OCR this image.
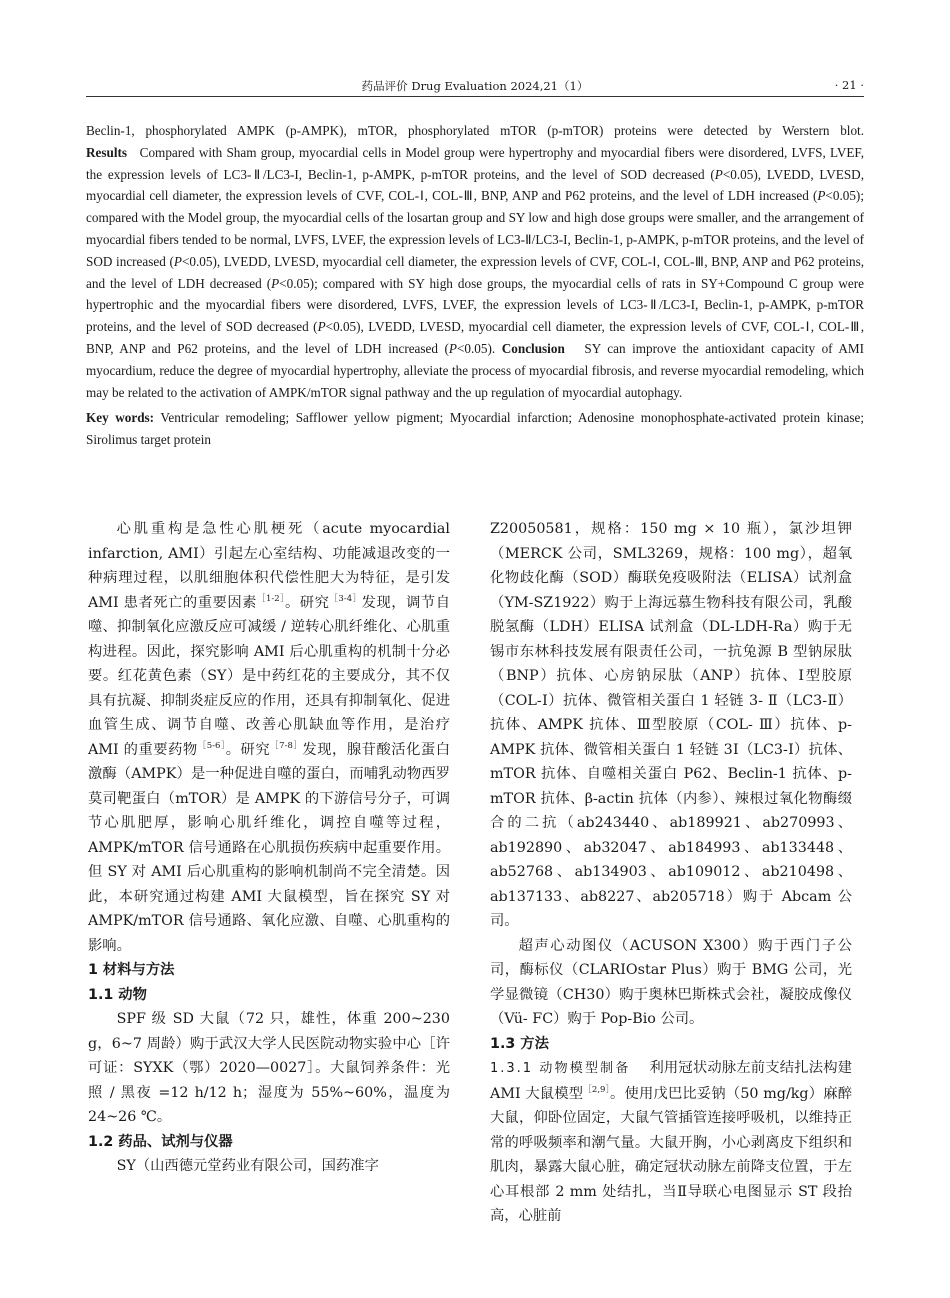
药品评价 Drug Evaluation 2024,21（1）	· 21 ·

Beclin-1, phosphorylated AMPK (p-AMPK), mTOR, phosphorylated mTOR (p-mTOR) proteins were detected by Werstern blot. Results Compared with Sham group, myocardial cells in Model group were hypertrophy and myocardial fibers were disordered, LVFS, LVEF, the expression levels of LC3-Ⅱ/LC3-I, Beclin-1, p-AMPK, p-mTOR proteins, and the level of SOD decreased (P<0.05), LVEDD, LVESD, myocardial cell diameter, the expression levels of CVF, COL-Ⅰ, COL-Ⅲ, BNP, ANP and P62 proteins, and the level of LDH increased (P<0.05); compared with the Model group, the myocardial cells of the losartan group and SY low and high dose groups were smaller, and the arrangement of myocardial fibers tended to be normal, LVFS, LVEF, the expression levels of LC3-Ⅱ/LC3-I, Beclin-1, p-AMPK, p-mTOR proteins, and the level of SOD increased (P<0.05), LVEDD, LVESD, myocardial cell diameter, the expression levels of CVF, COL-Ⅰ, COL-Ⅲ, BNP, ANP and P62 proteins, and the level of LDH decreased (P<0.05); compared with SY high dose groups, the myocardial cells of rats in SY+Compound C group were hypertrophic and the myocardial fibers were disordered, LVFS, LVEF, the expression levels of LC3-Ⅱ/LC3-I, Beclin-1, p-AMPK, p-mTOR proteins, and the level of SOD decreased (P<0.05), LVEDD, LVESD, myocardial cell diameter, the expression levels of CVF, COL-Ⅰ, COL-Ⅲ, BNP, ANP and P62 proteins, and the level of LDH increased (P<0.05). Conclusion SY can improve the antioxidant capacity of AMI myocardium, reduce the degree of myocardial hypertrophy, alleviate the process of myocardial fibrosis, and reverse myocardial remodeling, which may be related to the activation of AMPK/mTOR signal pathway and the up regulation of myocardial autophagy.

Key words: Ventricular remodeling; Safflower yellow pigment; Myocardial infarction; Adenosine monophosphate-activated protein kinase; Sirolimus target protein

心肌重构是急性心肌梗死（acute myocardial infarction, AMI）引起左心室结构、功能减退改变的一种病理过程，以肌细胞体积代偿性肥大为特征，是引发 AMI 患者死亡的重要因素$^{[1-2]}$。研究$^{[3-4]}$发现，调节自噬、抑制氧化应激反应可减缓 / 逆转心肌纤维化、心肌重构进程。因此，探究影响 AMI 后心肌重构的机制十分必要。红花黄色素（SY）是中药红花的主要成分，其不仅具有抗凝、抑制炎症反应的作用，还具有抑制氧化、促进血管生成、调节自噬、改善心肌缺血等作用，是治疗 AMI 的重要药物$^{[5-6]}$。研究$^{[7-8]}$发现，腺苷酸活化蛋白激酶（AMPK）是一种促进自噬的蛋白，而哺乳动物西罗莫司靶蛋白（mTOR）是 AMPK 的下游信号分子，可调节心肌肥厚，影响心肌纤维化，调控自噬等过程，AMPK/mTOR 信号通路在心肌损伤疾病中起重要作用。但 SY 对 AMI 后心肌重构的影响机制尚不完全清楚。因此，本研究通过构建 AMI 大鼠模型，旨在探究 SY 对 AMPK/mTOR 信号通路、氧化应激、自噬、心肌重构的影响。

1 材料与方法

1.1 动物

SPF 级 SD 大鼠（72 只，雄性，体重 200~230 g，6~7 周龄）购于武汉大学人民医院动物实验中心［许可证：SYXK（鄂）2020—0027］。大鼠饲养条件：光照 / 黑夜 =12 h/12 h；湿度为 55%~60%，温度为 24~26 ℃。

1.2 药品、试剂与仪器

SY（山西德元堂药业有限公司，国药准字

Z20050581，规格：150 mg × 10 瓶），氯沙坦钾（MERCK 公司，SML3269，规格：100 mg），超氧化物歧化酶（SOD）酶联免疫吸附法（ELISA）试剂盒（YM-SZ1922）购于上海远慕生物科技有限公司，乳酸脱氢酶（LDH）ELISA 试剂盒（DL-LDH-Ra）购于无锡市东林科技发展有限责任公司，一抗兔源 B 型钠尿肽（BNP）抗体、心房钠尿肽（ANP）抗体、Ⅰ型胶原（COL-Ⅰ）抗体、微管相关蛋白 1 轻链 3- Ⅱ（LC3-Ⅱ）抗体、AMPK 抗体、Ⅲ型胶原（COL- Ⅲ）抗体、p-AMPK 抗体、微管相关蛋白 1 轻链 3Ⅰ（LC3-Ⅰ）抗体、mTOR 抗体、自噬相关蛋白 P62、Beclin-1 抗体、p-mTOR 抗体、β-actin 抗体（内参）、辣根过氧化物酶缀合的二抗（ab243440、ab189921、ab270993、ab192890、ab32047、ab184993、ab133448、ab52768、ab134903、ab109012、ab210498、ab137133、ab8227、ab205718）购于 Abcam 公司。

超声心动图仪（ACUSON X300）购于西门子公司，酶标仪（CLARIOstar Plus）购于 BMG 公司，光学显微镜（CH30）购于奥林巴斯株式会社，凝胶成像仪（Vü- FC）购于 Pop-Bio 公司。

1.3 方法

1.3.1 动物模型制备 利用冠状动脉左前支结扎法构建 AMI 大鼠模型$^{[2,9]}$。使用戊巴比妥钠（50 mg/kg）麻醉大鼠，仰卧位固定，大鼠气管插管连接呼吸机，以维持正常的呼吸频率和潮气量。大鼠开胸，小心剥离皮下组织和肌肉，暴露大鼠心脏，确定冠状动脉左前降支位置，于左心耳根部 2 mm 处结扎，当Ⅱ导联心电图显示 ST 段抬高，心脏前
